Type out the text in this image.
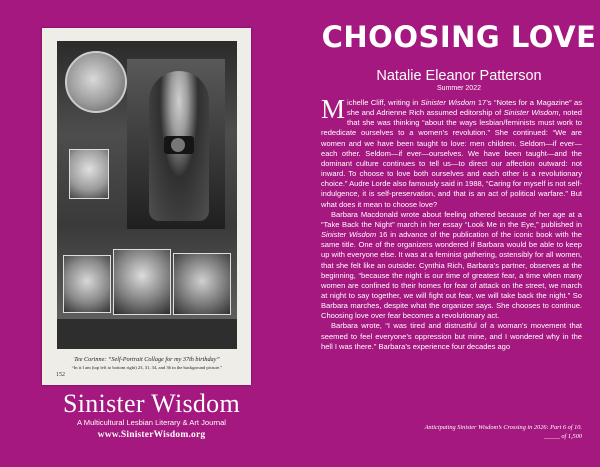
Tee Corinne: “Self-Portrait Collage for my 37th birthday”
“In it I am (top left to bottom right) 23, 31, 34, and 36 in the background picture.”
152
Sinister Wisdom
A Multicultural Lesbian Literary & Art Journal
www.SinisterWisdom.org
CHOOSING LOVE
Natalie Eleanor Patterson
Summer 2022

Michelle Cliff, writing in Sinister Wisdom 17’s “Notes for a Magazine” as she and Adrienne Rich assumed editorship of Sinister Wisdom, noted that she was thinking “about the ways lesbian/feminists must work to rededicate ourselves to a women’s revolution.” She continued: “We are women and we have been taught to love: men children. Seldom—if ever—each other. Seldom—if ever—ourselves. We have been taught—and the dominant culture continues to tell us—to direct our affection outward: not inward. To choose to love both ourselves and each other is a revolutionary choice.” Audre Lorde also famously said in 1988, “Caring for myself is not self-indulgence, it is self-preservation, and that is an act of political warfare.” But what does it mean to choose love?

Barbara Macdonald wrote about feeling othered because of her age at a “Take Back the Night” march in her essay “Look Me in the Eye,” published in Sinister Wisdom 16 in advance of the publication of the iconic book with the same title. One of the organizers wondered if Barbara would be able to keep up with everyone else. It was at a feminist gathering, ostensibly for all women, that she felt like an outsider. Cynthia Rich, Barbara’s partner, observes at the beginning, “because the night is our time of greatest fear, a time when many women are confined to their homes for fear of attack on the street, we march at night to say together, we will fight out fear, we will take back the night.” So Barbara marches, despite what the organizer says. She chooses to continue. Choosing love over fear becomes a revolutionary act.

Barbara wrote, “I was tired and distrustful of a woman’s movement that seemed to feel everyone’s oppression but mine, and I wondered why in the hell I was there.” Barbara’s experience four decades ago

Anticipating Sinister Wisdom’s Crossing in 2026: Part 6 of 10.
_____ of 1,500
